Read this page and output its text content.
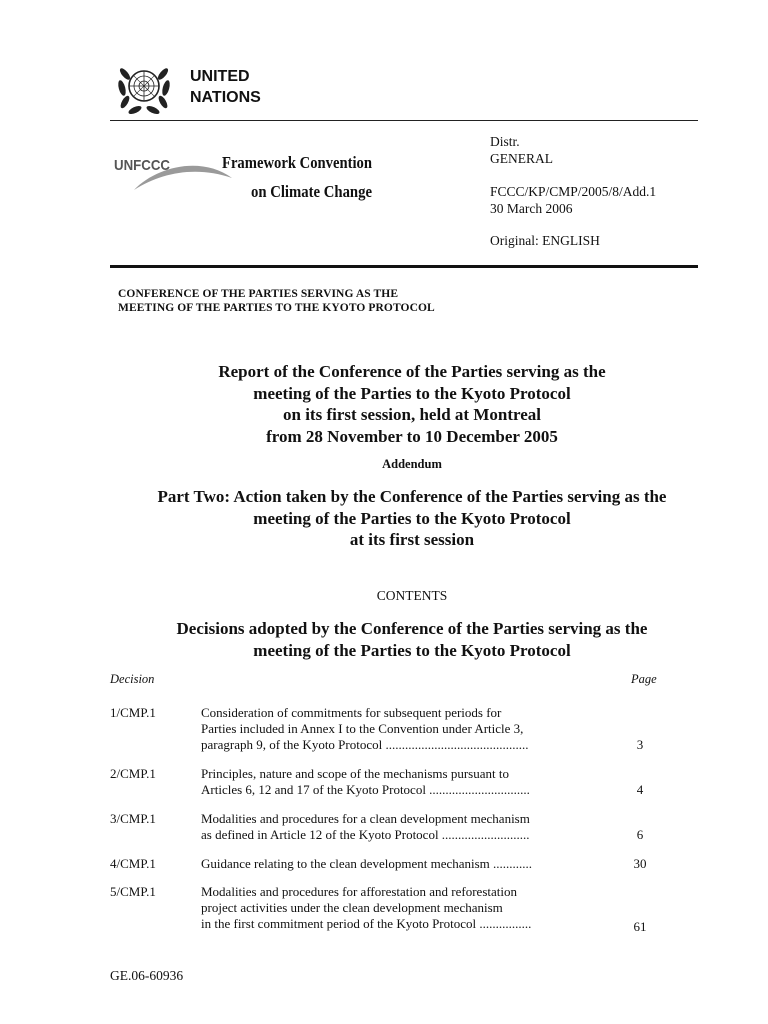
UNITED
NATIONS
UNFCCC	Framework Convention
on Climate Change
Distr.
GENERAL
FCCC/KP/CMP/2005/8/Add.1
30 March 2006
Original: ENGLISH
CONFERENCE OF THE PARTIES SERVING AS THE
MEETING OF THE PARTIES TO THE KYOTO PROTOCOL
Report of the Conference of the Parties serving as the
meeting of the Parties to the Kyoto Protocol
on its first session, held at Montreal
from 28 November to 10 December 2005
Addendum
Part Two: Action taken by the Conference of the Parties serving as the
meeting of the Parties to the Kyoto Protocol
at its first session
CONTENTS
Decisions adopted by the Conference of the Parties serving as the
meeting of the Parties to the Kyoto Protocol
Decision	Page
1/CMP.1	Consideration of commitments for subsequent periods for
Parties included in Annex I to the Convention under Article 3,
paragraph 9, of the Kyoto Protocol ............................................	3
2/CMP.1	Principles, nature and scope of the mechanisms pursuant to
Articles 6, 12 and 17 of the Kyoto Protocol ...............................	4
3/CMP.1	Modalities and procedures for a clean development mechanism
as defined in Article 12 of the Kyoto Protocol ...........................	6
4/CMP.1	Guidance relating to the clean development mechanism ............	30
5/CMP.1	Modalities and procedures for afforestation and reforestation
project activities under the clean development mechanism
in the first commitment period of the Kyoto Protocol ................	61
GE.06-60936
